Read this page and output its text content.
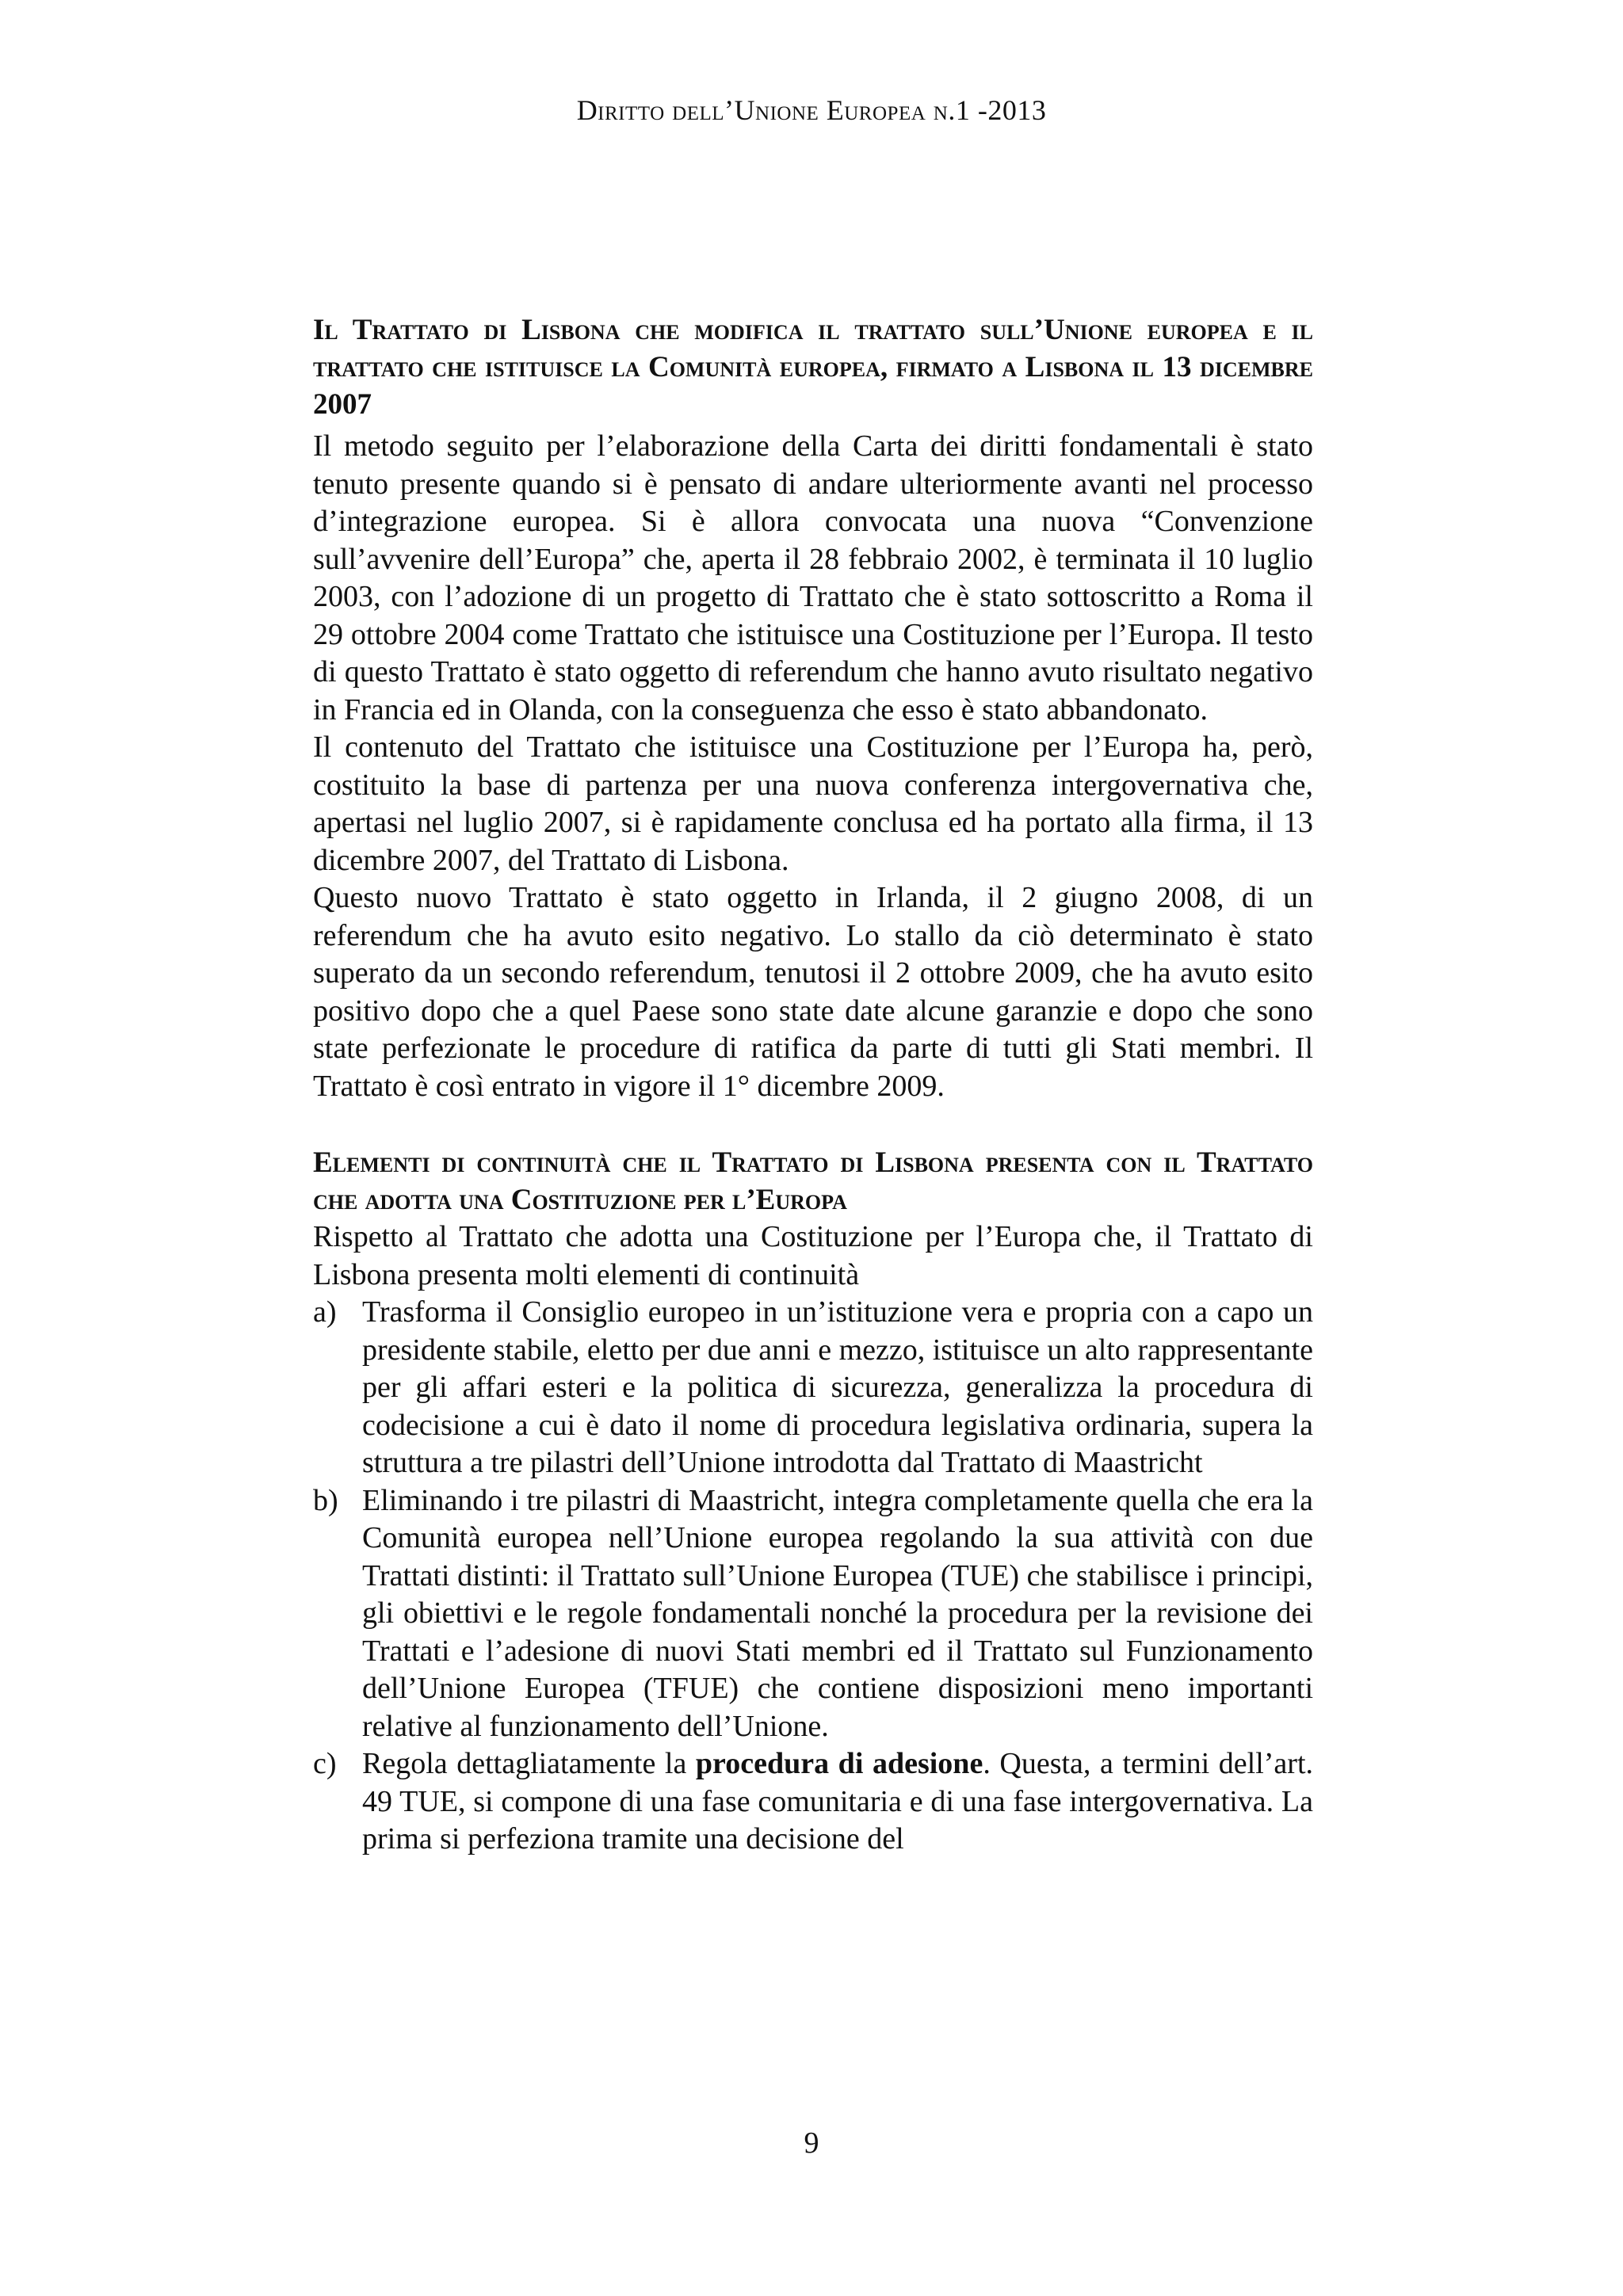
Diritto dell’Unione Europea n.1 -2013
Il Trattato di Lisbona che modifica il trattato sull’Unione europea e il trattato che istituisce la Comunità europea, firmato a Lisbona il 13 dicembre 2007

Il metodo seguito per l’elaborazione della Carta dei diritti fondamentali è stato tenuto presente quando si è pensato di andare ulteriormente avanti nel processo d’integrazione europea. Si è allora convocata una nuova “Convenzione sull’avvenire dell’Europa” che, aperta il 28 febbraio 2002, è terminata il 10 luglio 2003, con l’adozione di un progetto di Trattato che è stato sottoscritto a Roma il 29 ottobre 2004 come Trattato che istituisce una Costituzione per l’Europa. Il testo di questo Trattato è stato oggetto di referendum che hanno avuto risultato negativo in Francia ed in Olanda, con la conseguenza che esso è stato abbandonato.

Il contenuto del Trattato che istituisce una Costituzione per l’Europa ha, però, costituito la base di partenza per una nuova conferenza intergovernativa che, apertasi nel luglio 2007, si è rapidamente conclusa ed ha portato alla firma, il 13 dicembre 2007, del Trattato di Lisbona.

Questo nuovo Trattato è stato oggetto in Irlanda, il 2 giugno 2008, di un referendum che ha avuto esito negativo. Lo stallo da ciò determinato è stato superato da un secondo referendum, tenutosi il 2 ottobre 2009, che ha avuto esito positivo dopo che a quel Paese sono state date alcune garanzie e dopo che sono state perfezionate le procedure di ratifica da parte di tutti gli Stati membri. Il Trattato è così entrato in vigore il 1° dicembre 2009.

Elementi di continuità che il Trattato di Lisbona presenta con il Trattato che adotta una Costituzione per l’Europa

Rispetto al Trattato che adotta una Costituzione per l’Europa che, il Trattato di Lisbona presenta molti elementi di continuità

a) Trasforma il Consiglio europeo in un’istituzione vera e propria con a capo un presidente stabile, eletto per due anni e mezzo, istituisce un alto rappresentante per gli affari esteri e la politica di sicurezza, generalizza la procedura di codecisione a cui è dato il nome di procedura legislativa ordinaria, supera la struttura a tre pilastri dell’Unione introdotta dal Trattato di Maastricht
b) Eliminando i tre pilastri di Maastricht, integra completamente quella che era la Comunità europea nell’Unione europea regolando la sua attività con due Trattati distinti: il Trattato sull’Unione Europea (TUE) che stabilisce i principi, gli obiettivi e le regole fondamentali nonché la procedura per la revisione dei Trattati e l’adesione di nuovi Stati membri ed il Trattato sul Funzionamento dell’Unione Europea (TFUE) che contiene disposizioni meno importanti relative al funzionamento dell’Unione.
c) Regola dettagliatamente la procedura di adesione. Questa, a termini dell’art. 49 TUE, si compone di una fase comunitaria e di una fase intergovernativa. La prima si perfeziona tramite una decisione del
9
